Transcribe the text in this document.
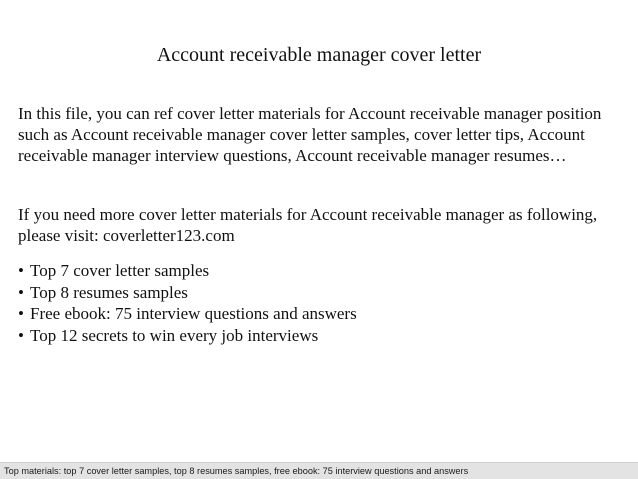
Account receivable manager cover letter

In this file, you can ref cover letter materials for Account receivable manager position such as Account receivable manager cover letter samples, cover letter tips, Account receivable manager interview questions, Account receivable manager resumes…

If you need more cover letter materials for Account receivable manager as following, please visit: coverletter123.com

• Top 7 cover letter samples
• Top 8 resumes samples
• Free ebook: 75 interview questions and answers
• Top 12 secrets to win every job interviews
Top materials: top 7 cover letter samples, top 8 resumes samples, free ebook: 75 interview questions and answers
